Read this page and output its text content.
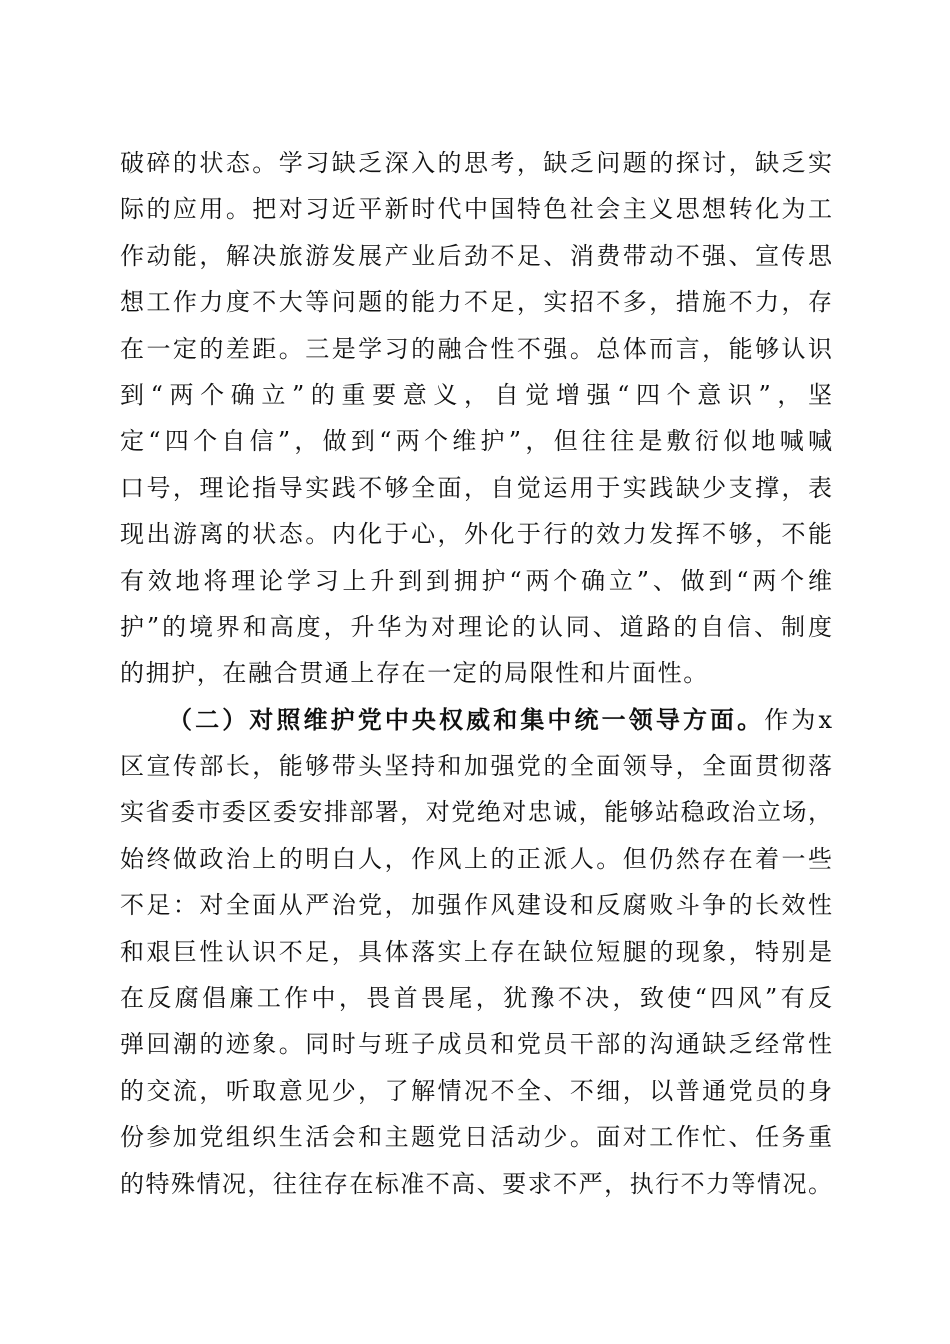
破碎的状态。学习缺乏深入的思考，缺乏问题的探讨，缺乏实
际的应用。把对习近平新时代中国特色社会主义思想转化为工
作动能，解决旅游发展产业后劲不足、消费带动不强、宣传思
想工作力度不大等问题的能力不足，实招不多，措施不力，存
在一定的差距。三是学习的融合性不强。总体而言，能够认识
到“两个确立”的重要意义，自觉增强“四个意识”，坚
定“四个自信”，做到“两个维护”，但往往是敷衍似地喊喊
口号，理论指导实践不够全面，自觉运用于实践缺少支撑，表
现出游离的状态。内化于心，外化于行的效力发挥不够，不能
有效地将理论学习上升到到拥护“两个确立”、做到“两个维
护”的境界和高度，升华为对理论的认同、道路的自信、制度
的拥护，在融合贯通上存在一定的局限性和片面性。
（二）对照维护党中央权威和集中统一领导方面。作为x
区宣传部长，能够带头坚持和加强党的全面领导，全面贯彻落
实省委市委区委安排部署，对党绝对忠诚，能够站稳政治立场，
始终做政治上的明白人，作风上的正派人。但仍然存在着一些
不足：对全面从严治党，加强作风建设和反腐败斗争的长效性
和艰巨性认识不足，具体落实上存在缺位短腿的现象，特别是
在反腐倡廉工作中，畏首畏尾，犹豫不决，致使“四风”有反
弹回潮的迹象。同时与班子成员和党员干部的沟通缺乏经常性
的交流，听取意见少，了解情况不全、不细，以普通党员的身
份参加党组织生活会和主题党日活动少。面对工作忙、任务重
的特殊情况，往往存在标准不高、要求不严，执行不力等情况。
